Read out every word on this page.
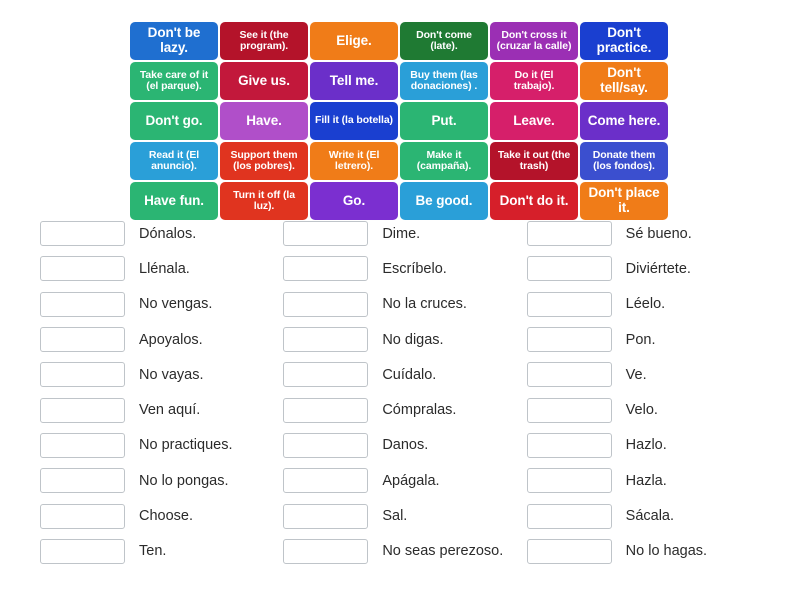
Don't be lazy.
See it (the program).	Elige.	Don't come (late).
Don't cross it (cruzar la calle)
Don't practice.
Take care of it (el parque).	Give us.	Tell me.	Buy them (las donaciones) .
Do it (El trabajo).
Don't tell/say.
Don't go.	Have.	Fill it (la botella)	Put.	Leave.	Come here.
Read it (El anuncio).
Support them (los pobres).
Write it (El letrero).
Make it (campaña).
Take it out (the trash)
Donate them (los fondos).
Have fun.	Turn it off (la luz).	Go.	Be good.	Don't do it.	Don't place it.
Dónalos.	Dime.	Sé bueno.
Llénala.	Escríbelo.	Diviértete.
No vengas.	No la cruces.	Léelo.
Apoyalos.	No digas.	Pon.
No vayas.	Cuídalo.	Ve.
Ven aquí.	Cómpralas.	Velo.
No practiques.	Danos.	Hazlo.
No lo pongas.	Apágala.	Hazla.
Choose.	Sal.	Sácala.
Ten.	No seas perezoso.	No lo hagas.
